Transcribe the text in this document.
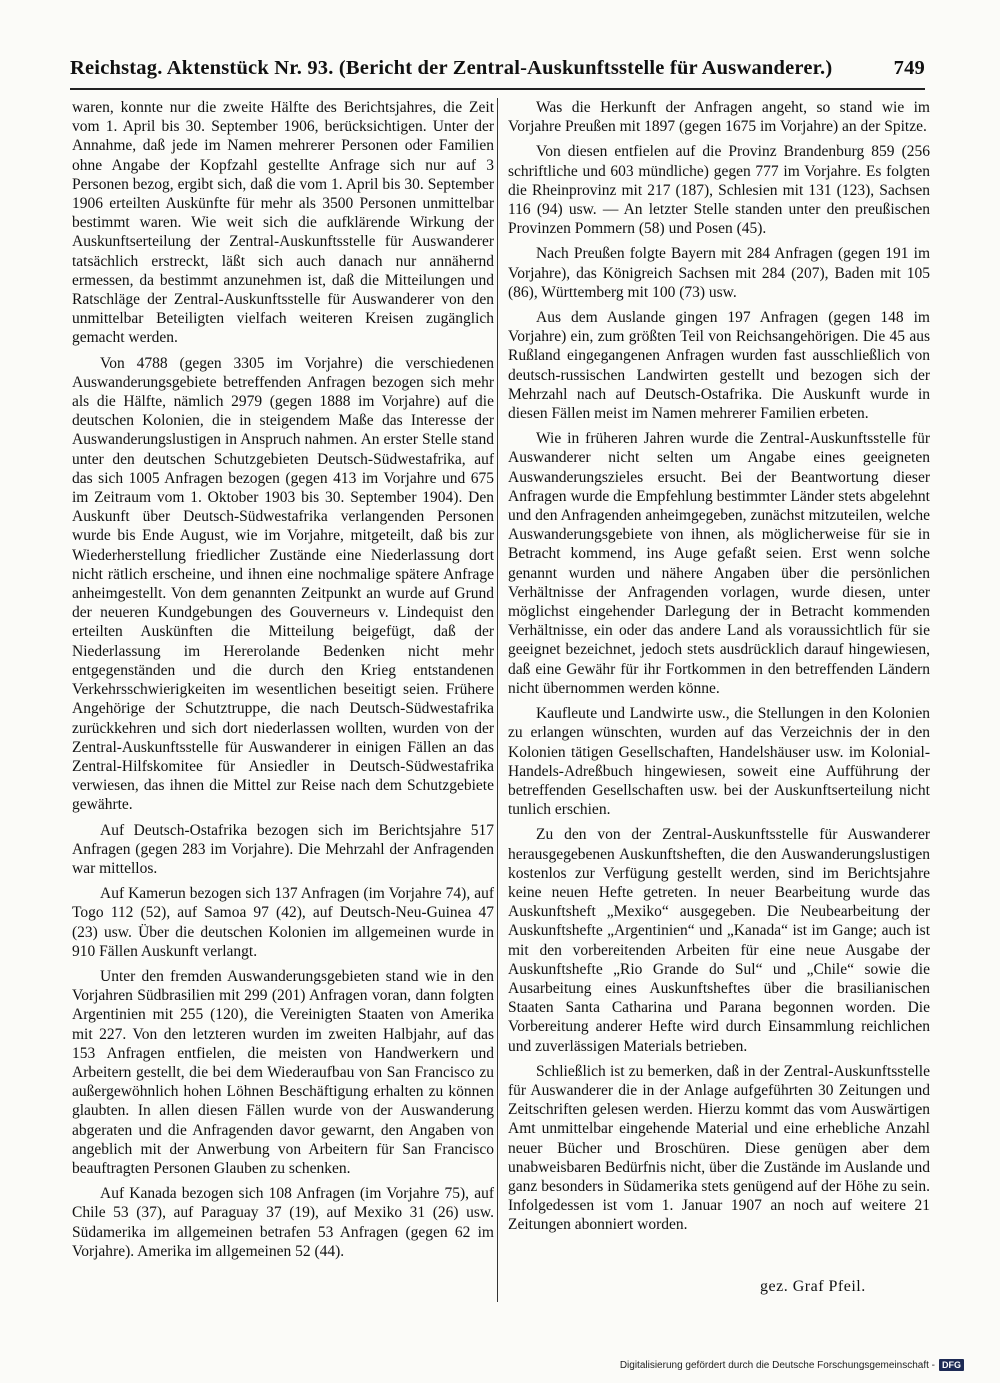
Reichstag. Aktenstück Nr. 93. (Bericht der Zentral-Auskunftsstelle für Auswanderer.)	749

waren, konnte nur die zweite Hälfte des Berichtsjahres, die Zeit vom 1. April bis 30. September 1906, berücksichtigen. Unter der Annahme, daß jede im Namen mehrerer Personen oder Familien ohne Angabe der Kopfzahl gestellte Anfrage sich nur auf 3 Personen bezog, ergibt sich, daß die vom 1. April bis 30. September 1906 erteilten Auskünfte für mehr als 3500 Personen unmittelbar bestimmt waren. Wie weit sich die aufklärende Wirkung der Auskunftserteilung der Zentral-Auskunftsstelle für Auswanderer tatsächlich erstreckt, läßt sich auch danach nur annähernd ermessen, da bestimmt anzunehmen ist, daß die Mitteilungen und Ratschläge der Zentral-Auskunftsstelle für Auswanderer von den unmittelbar Beteiligten vielfach weiteren Kreisen zugänglich gemacht werden.

Von 4788 (gegen 3305 im Vorjahre) die verschiedenen Auswanderungsgebiete betreffenden Anfragen bezogen sich mehr als die Hälfte, nämlich 2979 (gegen 1888 im Vorjahre) auf die deutschen Kolonien, die in steigendem Maße das Interesse der Auswanderungslustigen in Anspruch nahmen. An erster Stelle stand unter den deutschen Schutzgebieten Deutsch-Südwestafrika, auf das sich 1005 Anfragen bezogen (gegen 413 im Vorjahre und 675 im Zeitraum vom 1. Oktober 1903 bis 30. September 1904). Den Auskunft über Deutsch-Südwestafrika verlangenden Personen wurde bis Ende August, wie im Vorjahre, mitgeteilt, daß bis zur Wiederherstellung friedlicher Zustände eine Niederlassung dort nicht rätlich erscheine, und ihnen eine nochmalige spätere Anfrage anheimgestellt. Von dem genannten Zeitpunkt an wurde auf Grund der neueren Kundgebungen des Gouverneurs v. Lindequist den erteilten Auskünften die Mitteilung beigefügt, daß der Niederlassung im Hererolande Bedenken nicht mehr entgegenständen und die durch den Krieg entstandenen Verkehrsschwierigkeiten im wesentlichen beseitigt seien. Frühere Angehörige der Schutztruppe, die nach Deutsch-Südwestafrika zurückkehren und sich dort niederlassen wollten, wurden von der Zentral-Auskunftsstelle für Auswanderer in einigen Fällen an das Zentral-Hilfskomitee für Ansiedler in Deutsch-Südwestafrika verwiesen, das ihnen die Mittel zur Reise nach dem Schutzgebiete gewährte.

Auf Deutsch-Ostafrika bezogen sich im Berichtsjahre 517 Anfragen (gegen 283 im Vorjahre). Die Mehrzahl der Anfragenden war mittellos.

Auf Kamerun bezogen sich 137 Anfragen (im Vorjahre 74), auf Togo 112 (52), auf Samoa 97 (42), auf Deutsch-Neu-Guinea 47 (23) usw. Über die deutschen Kolonien im allgemeinen wurde in 910 Fällen Auskunft verlangt.

Unter den fremden Auswanderungsgebieten stand wie in den Vorjahren Südbrasilien mit 299 (201) Anfragen voran, dann folgten Argentinien mit 255 (120), die Vereinigten Staaten von Amerika mit 227. Von den letzteren wurden im zweiten Halbjahr, auf das 153 Anfragen entfielen, die meisten von Handwerkern und Arbeitern gestellt, die bei dem Wiederaufbau von San Francisco zu außergewöhnlich hohen Löhnen Beschäftigung erhalten zu können glaubten. In allen diesen Fällen wurde von der Auswanderung abgeraten und die Anfragenden davor gewarnt, den Angaben von angeblich mit der Anwerbung von Arbeitern für San Francisco beauftragten Personen Glauben zu schenken.

Auf Kanada bezogen sich 108 Anfragen (im Vorjahre 75), auf Chile 53 (37), auf Paraguay 37 (19), auf Mexiko 31 (26) usw. Südamerika im allgemeinen betrafen 53 Anfragen (gegen 62 im Vorjahre). Amerika im allgemeinen 52 (44).

Was die Herkunft der Anfragen angeht, so stand wie im Vorjahre Preußen mit 1897 (gegen 1675 im Vorjahre) an der Spitze.

Von diesen entfielen auf die Provinz Brandenburg 859 (256 schriftliche und 603 mündliche) gegen 777 im Vorjahre. Es folgten die Rheinprovinz mit 217 (187), Schlesien mit 131 (123), Sachsen 116 (94) usw. — An letzter Stelle standen unter den preußischen Provinzen Pommern (58) und Posen (45).

Nach Preußen folgte Bayern mit 284 Anfragen (gegen 191 im Vorjahre), das Königreich Sachsen mit 284 (207), Baden mit 105 (86), Württemberg mit 100 (73) usw.

Aus dem Auslande gingen 197 Anfragen (gegen 148 im Vorjahre) ein, zum größten Teil von Reichsangehörigen. Die 45 aus Rußland eingegangenen Anfragen wurden fast ausschließlich von deutsch-russischen Landwirten gestellt und bezogen sich der Mehrzahl nach auf Deutsch-Ostafrika. Die Auskunft wurde in diesen Fällen meist im Namen mehrerer Familien erbeten.

Wie in früheren Jahren wurde die Zentral-Auskunftsstelle für Auswanderer nicht selten um Angabe eines geeigneten Auswanderungszieles ersucht. Bei der Beantwortung dieser Anfragen wurde die Empfehlung bestimmter Länder stets abgelehnt und den Anfragenden anheimgegeben, zunächst mitzuteilen, welche Auswanderungsgebiete von ihnen, als möglicherweise für sie in Betracht kommend, ins Auge gefaßt seien. Erst wenn solche genannt wurden und nähere Angaben über die persönlichen Verhältnisse der Anfragenden vorlagen, wurde diesen, unter möglichst eingehender Darlegung der in Betracht kommenden Verhältnisse, ein oder das andere Land als voraussichtlich für sie geeignet bezeichnet, jedoch stets ausdrücklich darauf hingewiesen, daß eine Gewähr für ihr Fortkommen in den betreffenden Ländern nicht übernommen werden könne.

Kaufleute und Landwirte usw., die Stellungen in den Kolonien zu erlangen wünschten, wurden auf das Verzeichnis der in den Kolonien tätigen Gesellschaften, Handelshäuser usw. im Kolonial-Handels-Adreßbuch hingewiesen, soweit eine Aufführung der betreffenden Gesellschaften usw. bei der Auskunftserteilung nicht tunlich erschien.

Zu den von der Zentral-Auskunftsstelle für Auswanderer herausgegebenen Auskunftsheften, die den Auswanderungslustigen kostenlos zur Verfügung gestellt werden, sind im Berichtsjahre keine neuen Hefte getreten. In neuer Bearbeitung wurde das Auskunftsheft „Mexiko“ ausgegeben. Die Neubearbeitung der Auskunftshefte „Argentinien“ und „Kanada“ ist im Gange; auch ist mit den vorbereitenden Arbeiten für eine neue Ausgabe der Auskunftshefte „Rio Grande do Sul“ und „Chile“ sowie die Ausarbeitung eines Auskunftsheftes über die brasilianischen Staaten Santa Catharina und Parana begonnen worden. Die Vorbereitung anderer Hefte wird durch Einsammlung reichlichen und zuverlässigen Materials betrieben.

Schließlich ist zu bemerken, daß in der Zentral-Auskunftsstelle für Auswanderer die in der Anlage aufgeführten 30 Zeitungen und Zeitschriften gelesen werden. Hierzu kommt das vom Auswärtigen Amt unmittelbar eingehende Material und eine erhebliche Anzahl neuer Bücher und Broschüren. Diese genügen aber dem unabweisbaren Bedürfnis nicht, über die Zustände im Auslande und ganz besonders in Südamerika stets genügend auf der Höhe zu sein. Infolgedessen ist vom 1. Januar 1907 an noch auf weitere 21 Zeitungen abonniert worden.

gez. Graf Pfeil.
Digitalisierung gefördert durch die Deutsche Forschungsgemeinschaft - DFG
